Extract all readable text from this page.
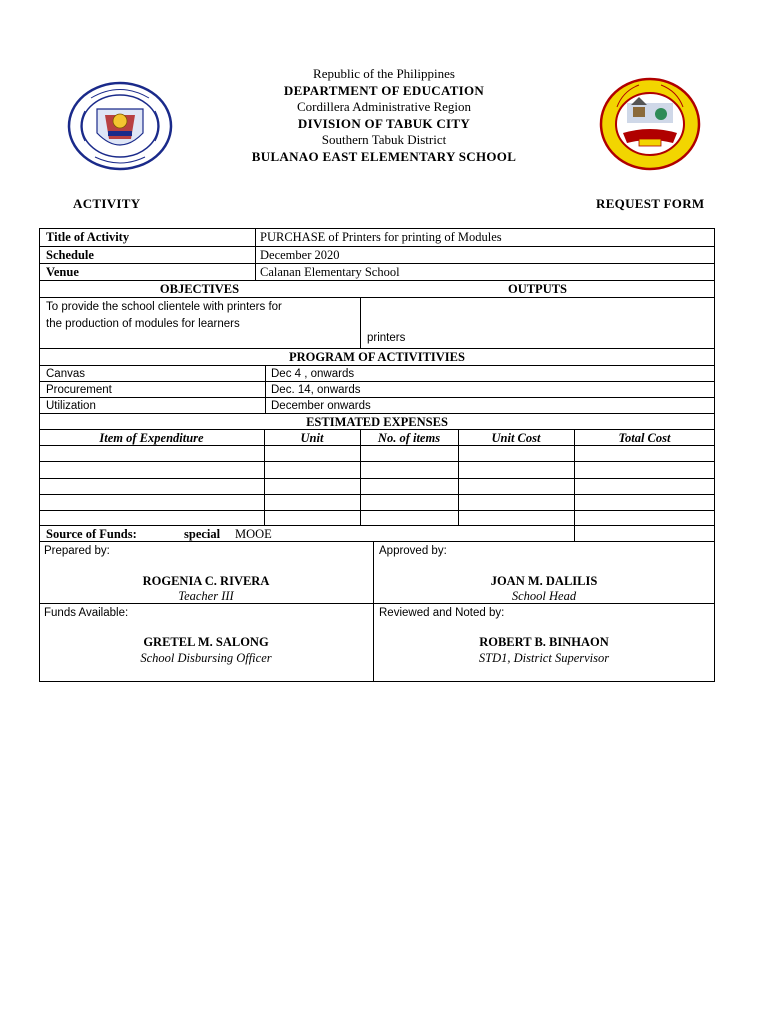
Republic of the Philippines
DEPARTMENT OF EDUCATION
Cordillera Administrative Region
DIVISION OF TABUK CITY
Southern Tabuk District
BULANAO EAST ELEMENTARY SCHOOL
ACTIVITY	REQUEST FORM
Title of Activity	PURCHASE of Printers for printing of Modules
Schedule	December 2020
Venue	Calanan Elementary School
OBJECTIVES	OUTPUTS
To provide the school clientele with printers for
the production of modules for learners
printers
PROGRAM OF ACTIVITIVIES
Canvas	Dec 4 , onwards
Procurement	Dec. 14, onwards
Utilization	December onwards
ESTIMATED EXPENSES
Item of Expenditure	Unit	No. of items	Unit Cost	Total Cost
Source of Funds:	special MOOE
Prepared by:
ROGENIA C. RIVERA
Teacher III
Approved by:
JOAN M. DALILIS
School Head
Funds Available:
GRETEL M. SALONG
School Disbursing Officer
Reviewed and Noted by:
ROBERT B. BINHAON
STD1, District Supervisor
